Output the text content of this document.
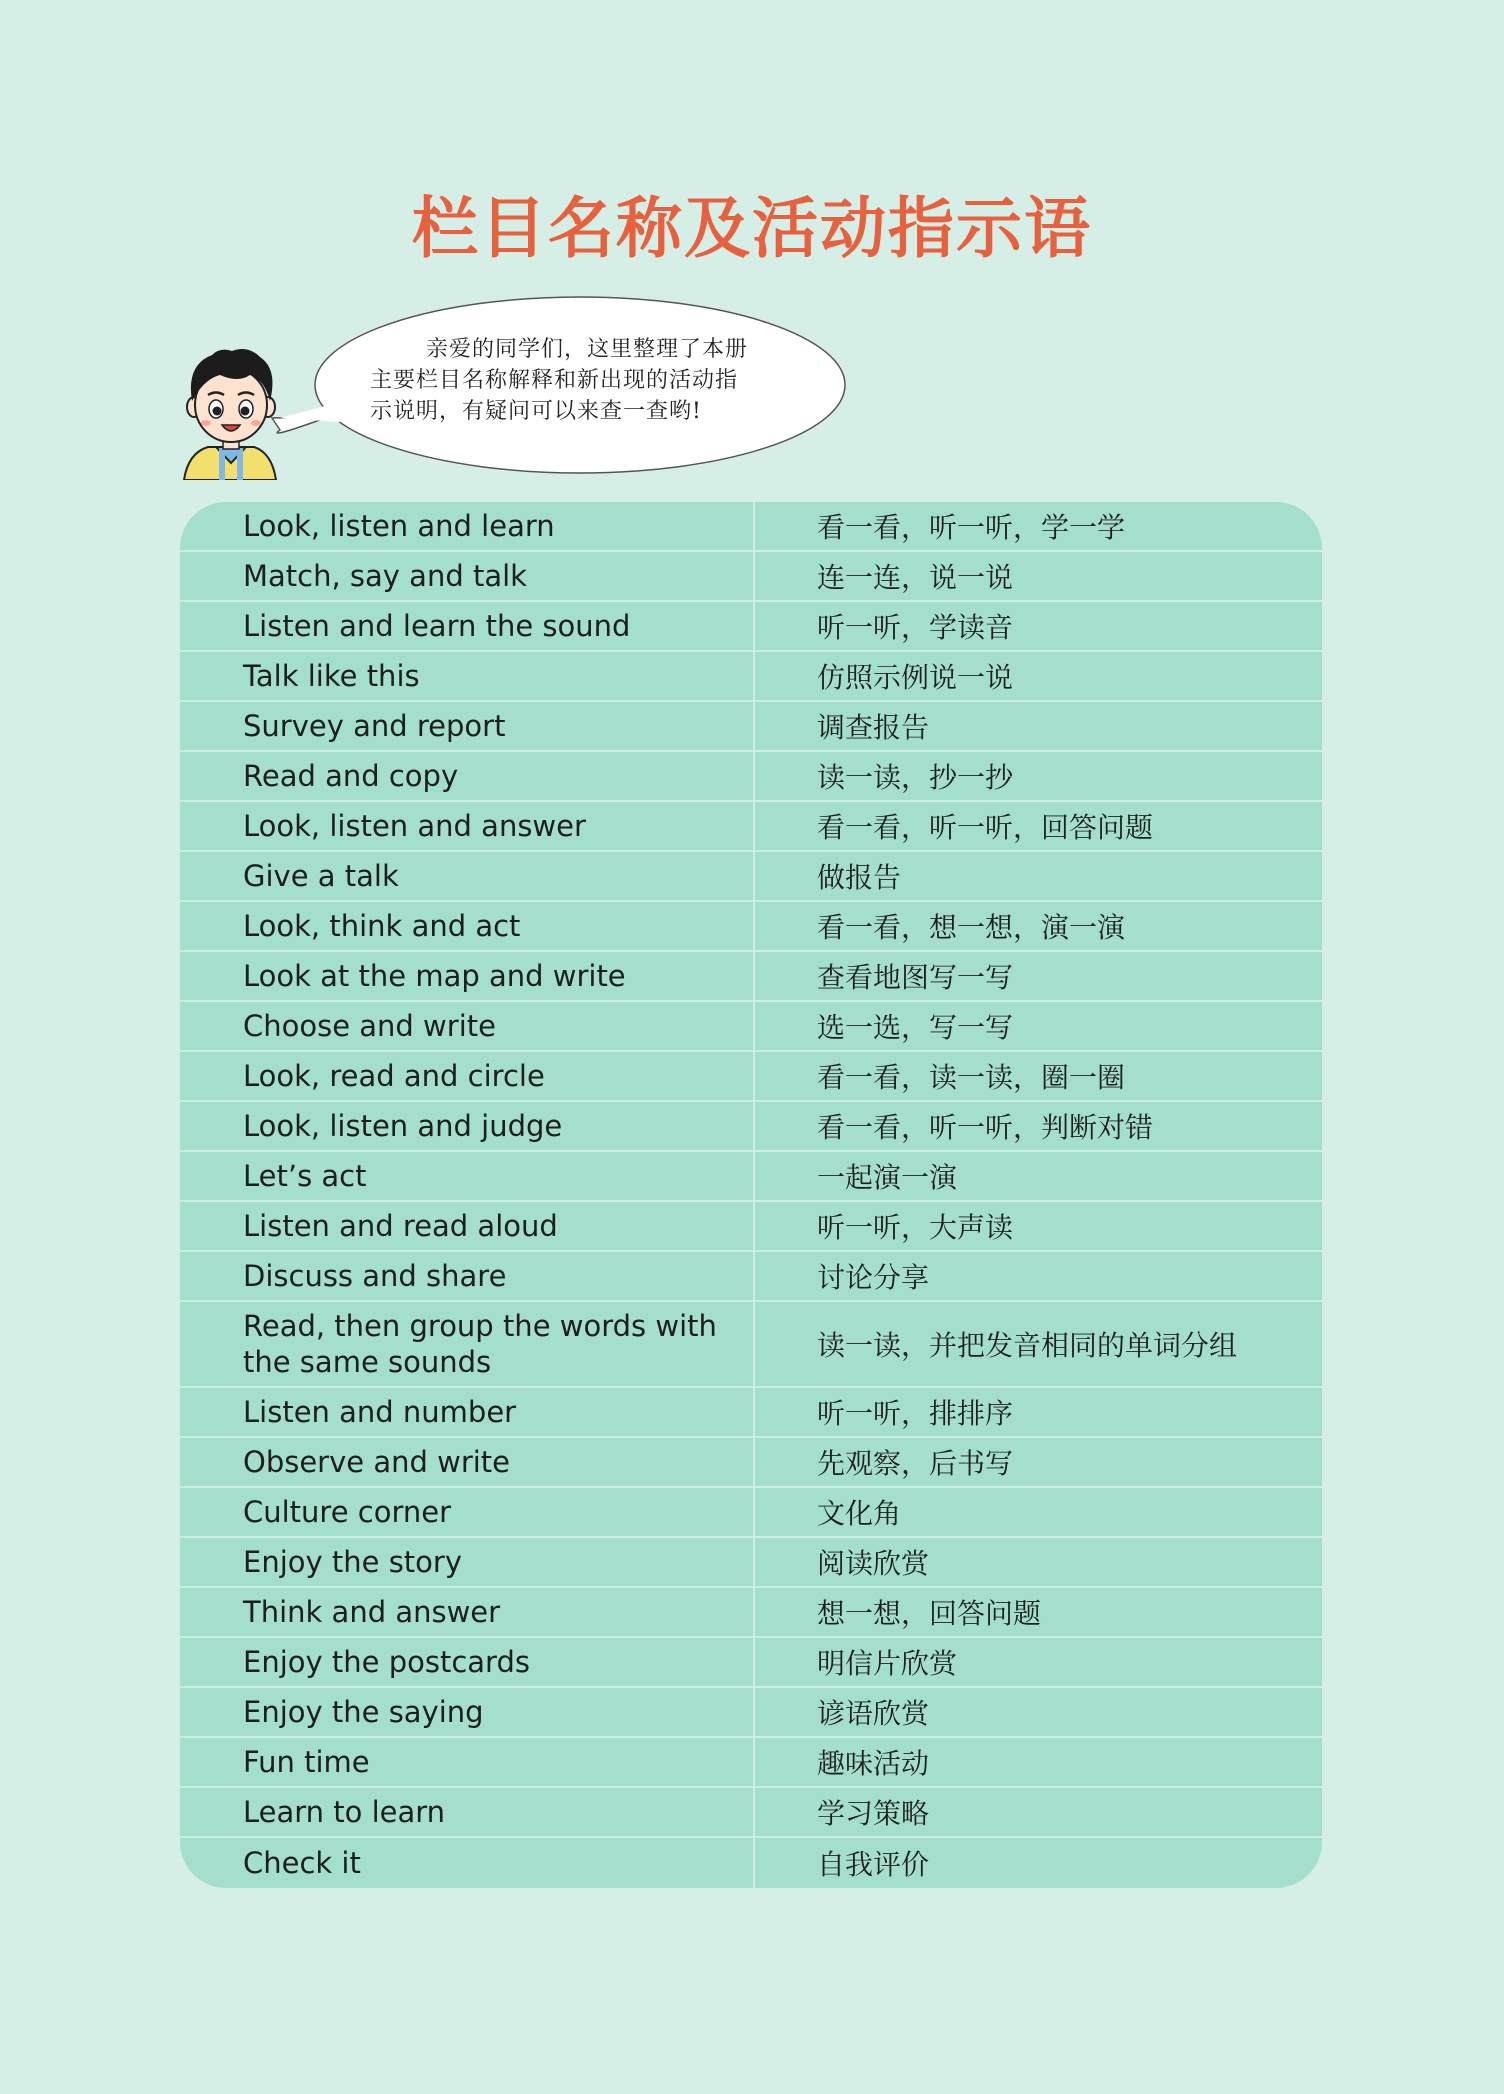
栏目名称及活动指示语
亲爱的同学们，这里整理了本册
主要栏目名称解释和新出现的活动指
示说明，有疑问可以来查一查哟!
Look, listen and learn	看一看，听一听，学一学
Match, say and talk	连一连，说一说
Listen and learn the sound	听一听，学读音
Talk like this	仿照示例说一说
Survey and report	调查报告
Read and copy	读一读，抄一抄
Look, listen and answer	看一看，听一听，回答问题
Give a talk	做报告
Look, think and act	看一看，想一想，演一演
Look at the map and write	查看地图写一写
Choose and write	选一选，写一写
Look, read and circle	看一看，读一读，圈一圈
Look, listen and judge	看一看，听一听，判断对错
Let’s act	一起演一演
Listen and read aloud	听一听，大声读
Discuss and share	讨论分享
Read, then group the words with
the same sounds	读一读，并把发音相同的单词分组
Listen and number	听一听，排排序
Observe and write	先观察，后书写
Culture corner	文化角
Enjoy the story	阅读欣赏
Think and answer	想一想，回答问题
Enjoy the postcards	明信片欣赏
Enjoy the saying	谚语欣赏
Fun time	趣味活动
Learn to learn	学习策略
Check it	自我评价
